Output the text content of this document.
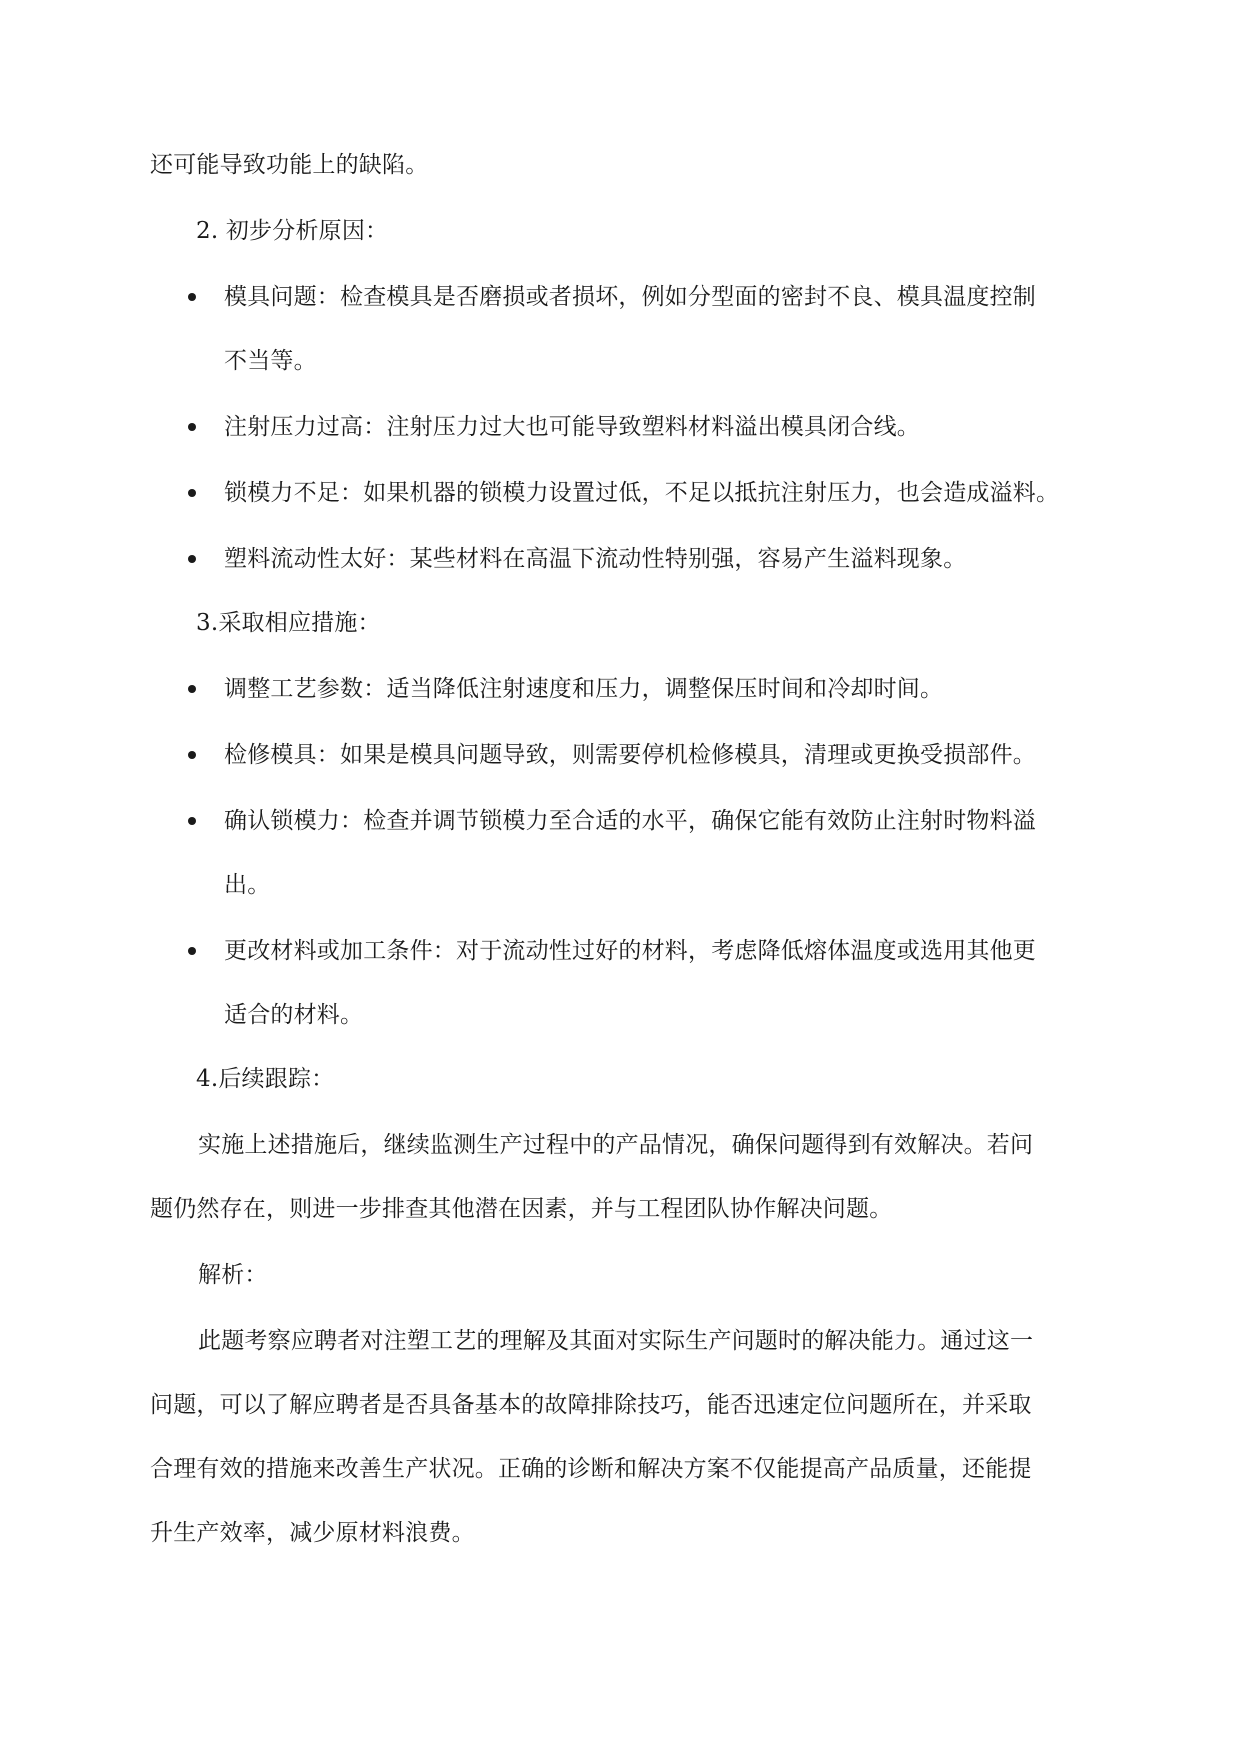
还可能导致功能上的缺陷。
2. 初步分析原因：
模具问题：检查模具是否磨损或者损坏，例如分型面的密封不良、模具温度控制
不当等。
注射压力过高：注射压力过大也可能导致塑料材料溢出模具闭合线。
锁模力不足：如果机器的锁模力设置过低，不足以抵抗注射压力，也会造成溢料。
塑料流动性太好：某些材料在高温下流动性特别强，容易产生溢料现象。
3.采取相应措施：
调整工艺参数：适当降低注射速度和压力，调整保压时间和冷却时间。
检修模具：如果是模具问题导致，则需要停机检修模具，清理或更换受损部件。
确认锁模力：检查并调节锁模力至合适的水平，确保它能有效防止注射时物料溢
出。
更改材料或加工条件：对于流动性过好的材料，考虑降低熔体温度或选用其他更
适合的材料。
4.后续跟踪：
实施上述措施后，继续监测生产过程中的产品情况，确保问题得到有效解决。若问
题仍然存在，则进一步排查其他潜在因素，并与工程团队协作解决问题。
解析：
此题考察应聘者对注塑工艺的理解及其面对实际生产问题时的解决能力。通过这一
问题，可以了解应聘者是否具备基本的故障排除技巧，能否迅速定位问题所在，并采取
合理有效的措施来改善生产状况。正确的诊断和解决方案不仅能提高产品质量，还能提
升生产效率，减少原材料浪费。
